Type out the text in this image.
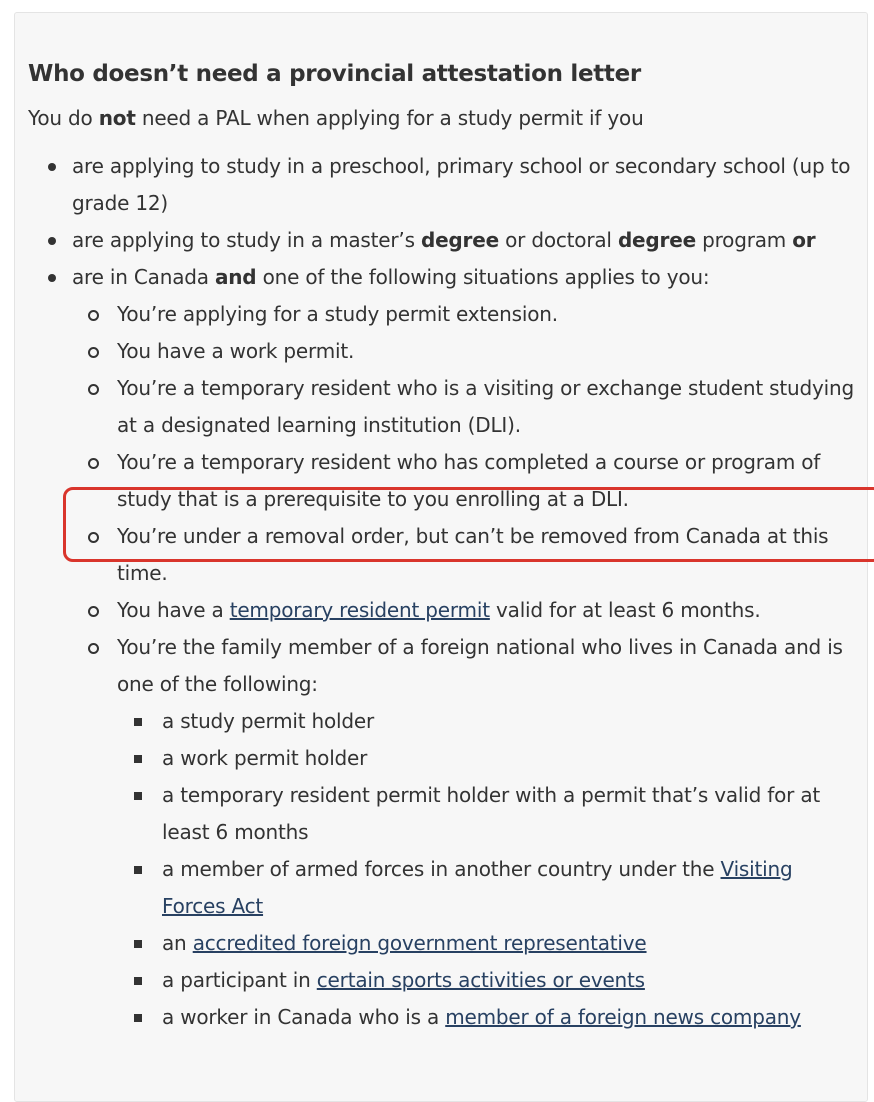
Who doesn’t need a provincial attestation letter

You do not need a PAL when applying for a study permit if you

are applying to study in a preschool, primary school or secondary school (up to grade 12)
are applying to study in a master’s degree or doctoral degree program or
are in Canada and one of the following situations applies to you:
You’re applying for a study permit extension.
You have a work permit.
You’re a temporary resident who is a visiting or exchange student studying at a designated learning institution (DLI).
You’re a temporary resident who has completed a course or program of study that is a prerequisite to you enrolling at a DLI.
You’re under a removal order, but can’t be removed from Canada at this time.
You have a temporary resident permit valid for at least 6 months.
You’re the family member of a foreign national who lives in Canada and is one of the following:
a study permit holder
a work permit holder
a temporary resident permit holder with a permit that’s valid for at least 6 months
a member of armed forces in another country under the Visiting Forces Act
an accredited foreign government representative
a participant in certain sports activities or events
a worker in Canada who is a member of a foreign news company
